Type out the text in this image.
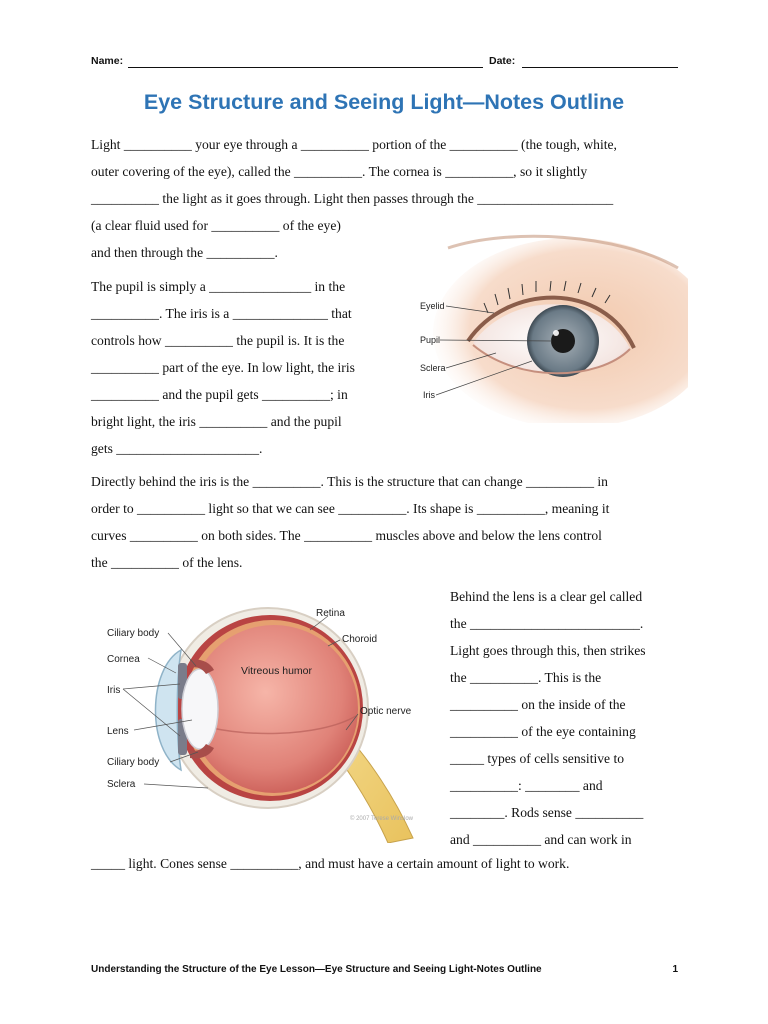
Name:	Date:
Eye Structure and Seeing Light—Notes Outline
Light __________ your eye through a __________ portion of the __________ (the tough, white,
outer covering of the eye), called the __________. The cornea is __________, so it slightly
__________ the light as it goes through. Light then passes through the ____________________
(a clear fluid used for __________ of the eye)
and then through the __________.
The pupil is simply a _______________ in the
__________. The iris is a ______________ that
controls how __________ the pupil is. It is the
__________ part of the eye. In low light, the iris
__________ and the pupil gets __________; in
bright light, the iris __________ and the pupil
gets _____________________.
Eyelid
Pupil
Sclera
Iris
Directly behind the iris is the __________. This is the structure that can change __________ in
order to __________ light so that we can see __________. Its shape is __________, meaning it
curves __________ on both sides. The __________ muscles above and below the lens control
the __________ of the lens.
Retina
Choroid
Ciliary body
Cornea
Vitreous humor
Iris
Optic nerve
Lens
Ciliary body
Sclera
© 2007 Terese Winslow
Behind the lens is a clear gel called
the _________________________.
Light goes through this, then strikes
the __________. This is the
__________ on the inside of the
__________ of the eye containing
_____ types of cells sensitive to
__________: ________ and
________. Rods sense __________
and __________ and can work in
_____ light. Cones sense __________, and must have a certain amount of light to work.
Understanding the Structure of the Eye Lesson—Eye Structure and Seeing Light-Notes Outline	1
